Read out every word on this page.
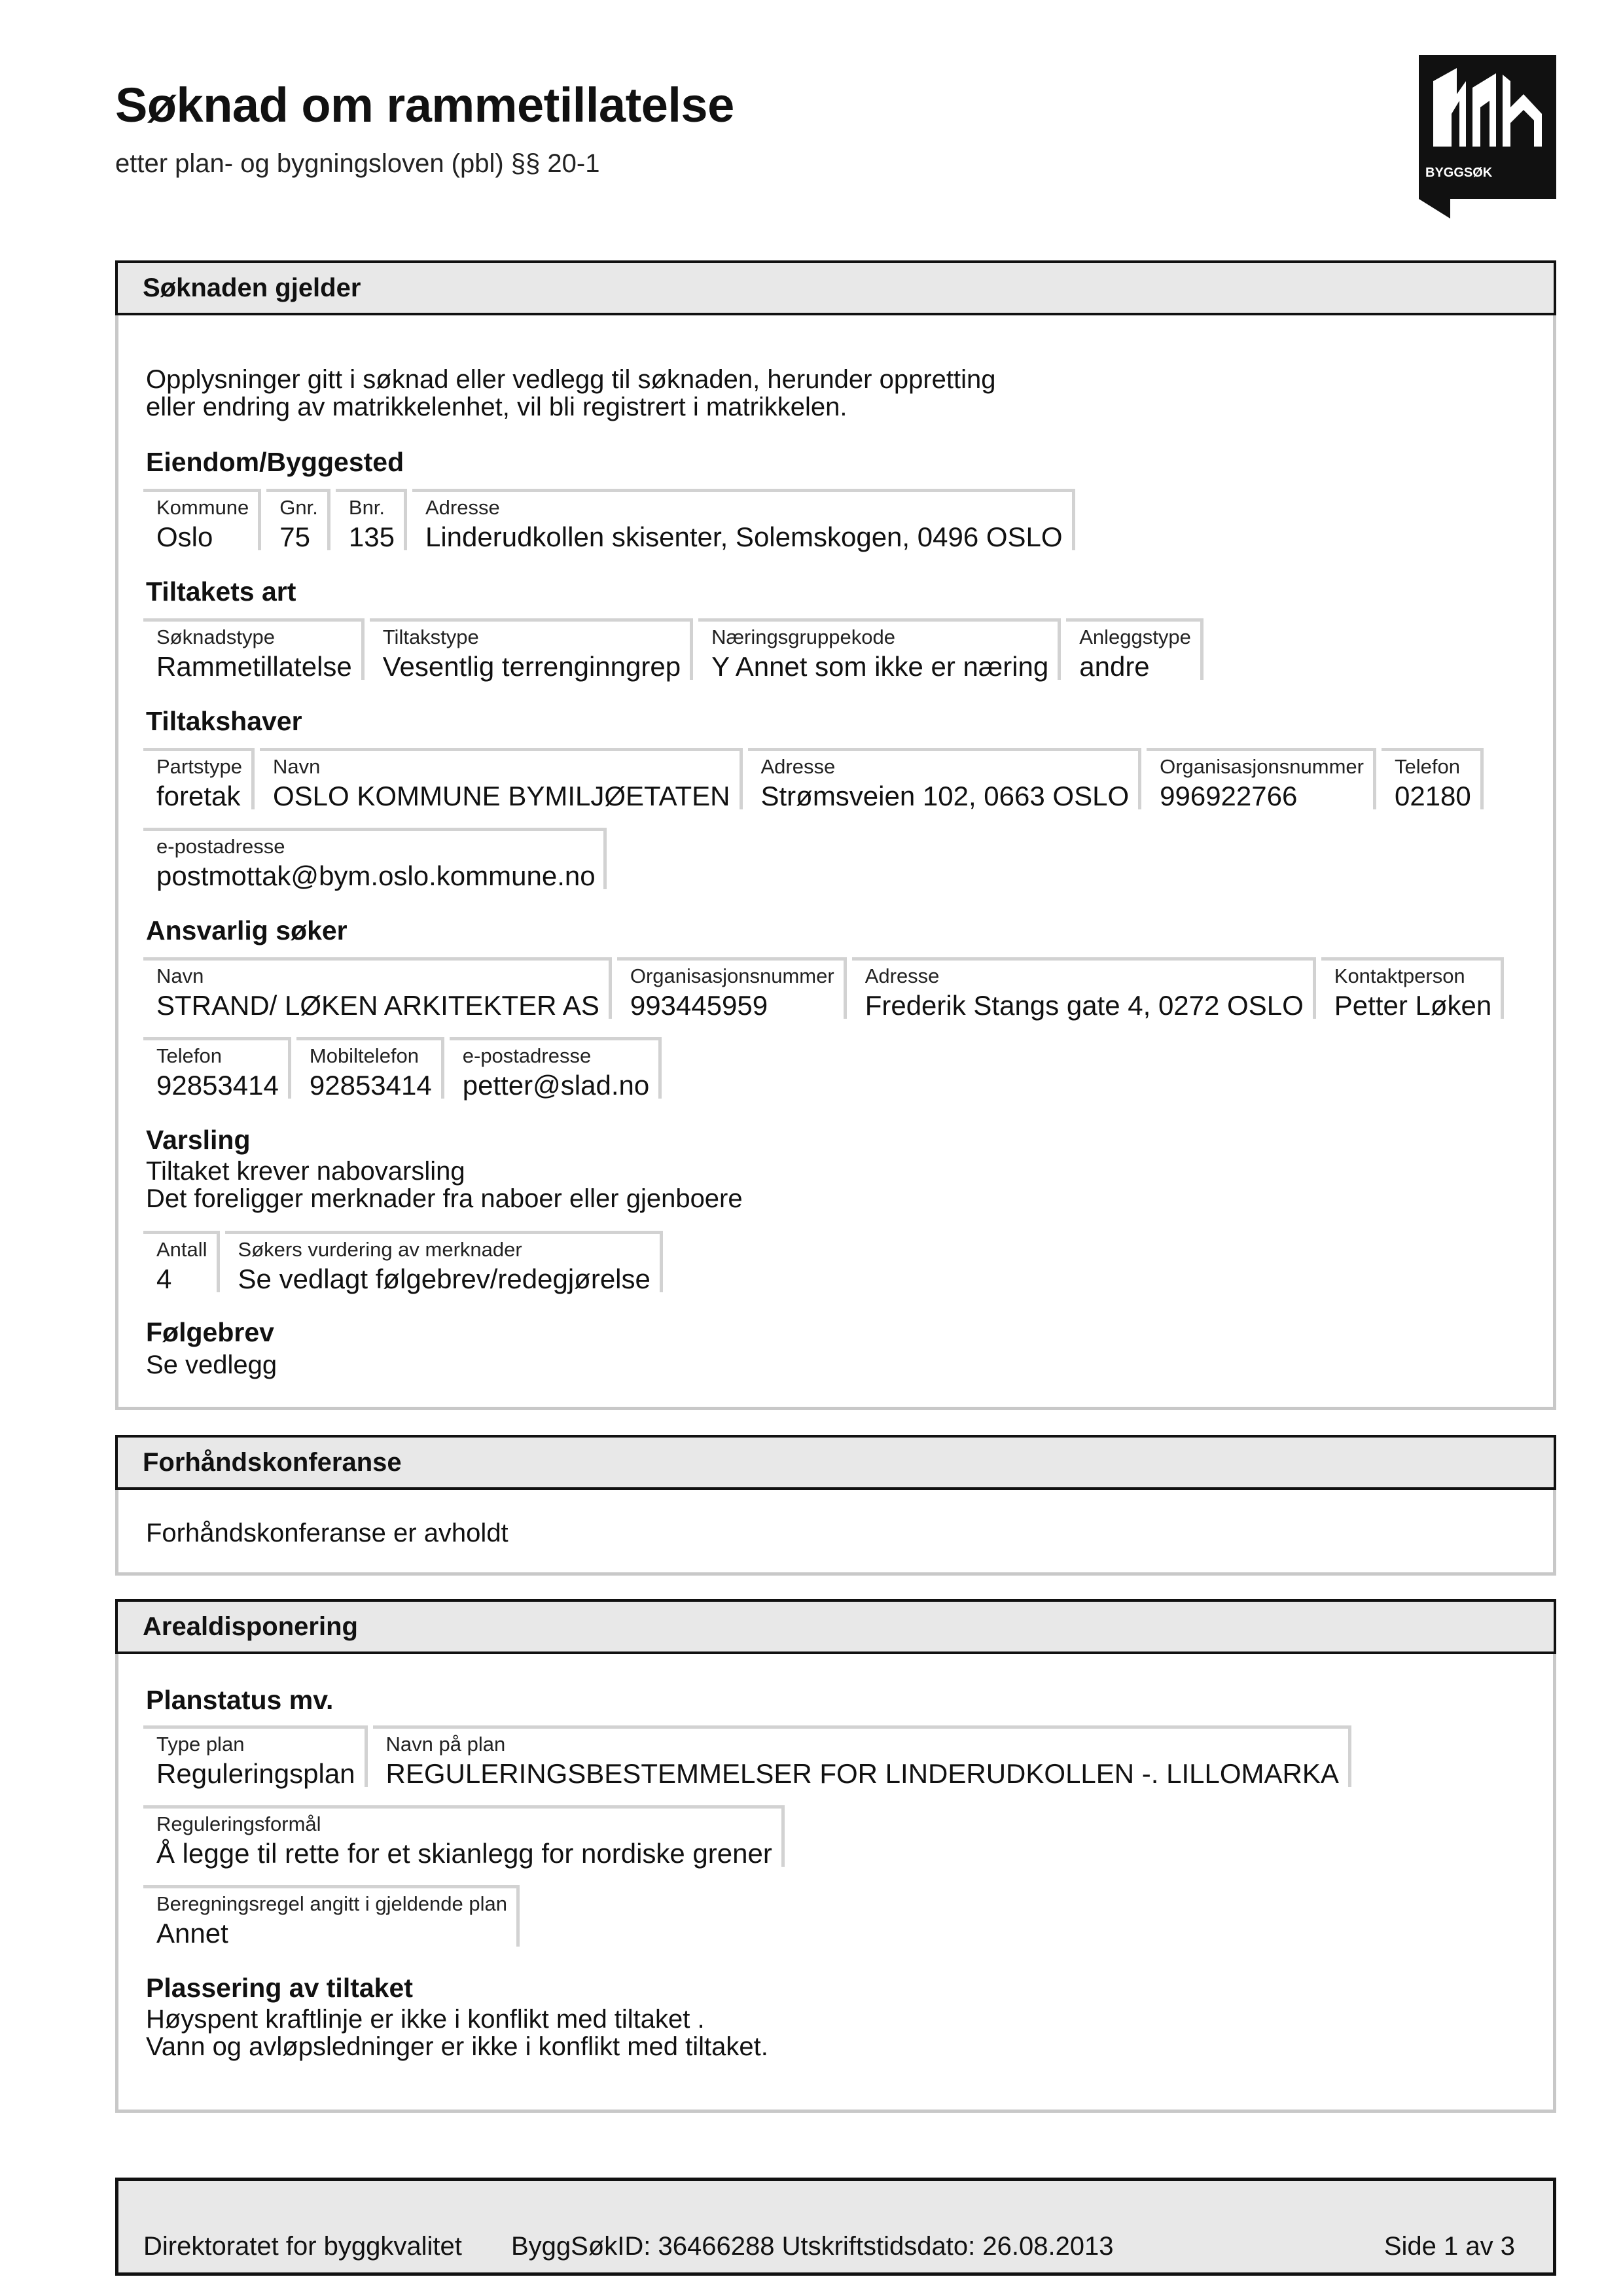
Søknad om rammetillatelse
etter plan- og bygningsloven (pbl) §§ 20-1	BYGGSØK
Søknaden gjelder
Opplysninger gitt i søknad eller vedlegg til søknaden, herunder oppretting
eller endring av matrikkelenhet, vil bli registrert i matrikkelen.
Eiendom/Byggested
Kommune
Oslo
Gnr.
75
Bnr.
135
Adresse
Linderudkollen skisenter, Solemskogen, 0496 OSLO
Tiltakets art
Søknadstype
Rammetillatelse
Tiltakstype
Vesentlig terrenginngrep
Næringsgruppekode
Y Annet som ikke er næring
Anleggstype
andre
Tiltakshaver
Partstype
foretak
Navn
OSLO KOMMUNE BYMILJØETATEN
Adresse
Strømsveien 102, 0663 OSLO
Organisasjonsnummer
996922766
Telefon
02180
e-postadresse
postmottak@bym.oslo.kommune.no
Ansvarlig søker
Navn
STRAND/ LØKEN ARKITEKTER AS
Organisasjonsnummer
993445959
Adresse
Frederik Stangs gate 4, 0272 OSLO
Kontaktperson
Petter Løken
Telefon
92853414
Mobiltelefon
92853414
e-postadresse
petter@slad.no
Varsling
Tiltaket krever nabovarsling
Det foreligger merknader fra naboer eller gjenboere
Antall
4
Søkers vurdering av merknader
Se vedlagt følgebrev/redegjørelse
Følgebrev
Se vedlegg
Forhåndskonferanse
Forhåndskonferanse er avholdt
Arealdisponering
Planstatus mv.
Type plan
Reguleringsplan
Navn på plan
REGULERINGSBESTEMMELSER FOR LINDERUDKOLLEN -. LILLOMARKA
Reguleringsformål
Å legge til rette for et skianlegg for nordiske grener
Beregningsregel angitt i gjeldende plan
Annet
Plassering av tiltaket
Høyspent kraftlinje er ikke i konflikt med tiltaket .
Vann og avløpsledninger er ikke i konflikt med tiltaket.
Direktoratet for byggkvalitet ByggSøkID: 36466288 Utskriftstidsdato: 26.08.2013	Side 1 av 3
